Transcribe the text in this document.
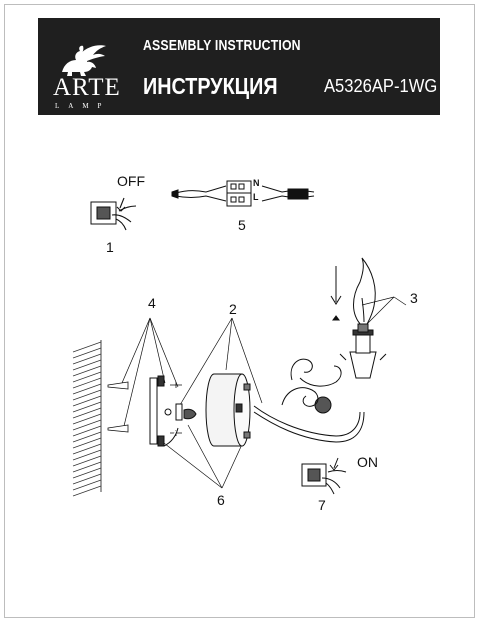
ARTE
LAMP
ASSEMBLY INSTRUCTION
ИНСТРУКЦИЯ	A5326AP-1WG
OFF
1
5
N
L
4	2
3
ON
6	7
